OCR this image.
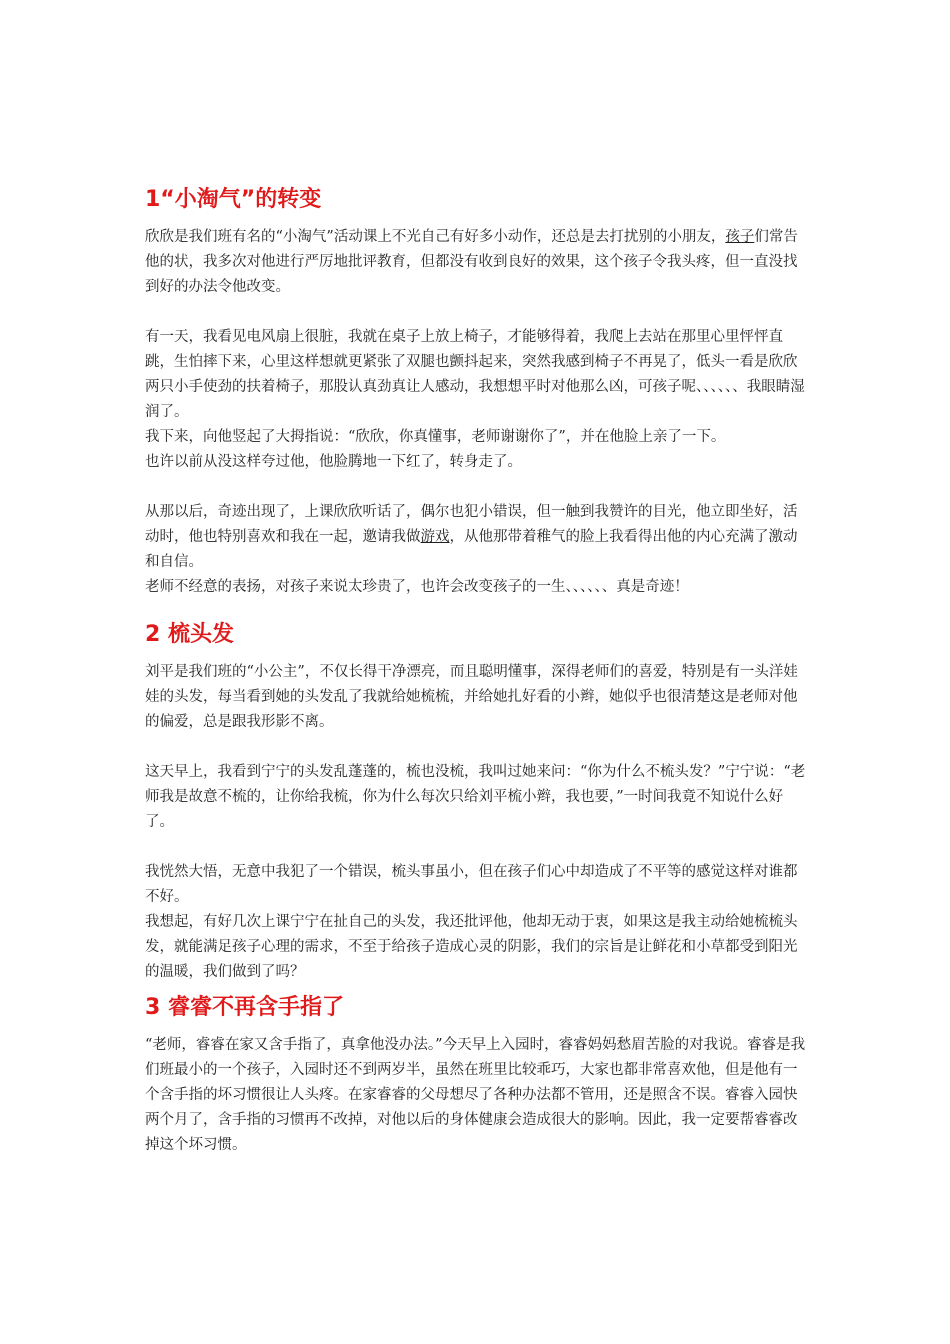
1“小淘气”的转变

欣欣是我们班有名的“小淘气”活动课上不光自己有好多小动作，还总是去打扰别的小朋友，孩子们常告他的状，我多次对他进行严厉地批评教育，但都没有收到良好的效果，这个孩子令我头疼，但一直没找到好的办法令他改变。

有一天，我看见电风扇上很脏，我就在桌子上放上椅子，才能够得着，我爬上去站在那里心里怦怦直跳，生怕摔下来，心里这样想就更紧张了双腿也颤抖起来，突然我感到椅子不再晃了，低头一看是欣欣两只小手使劲的扶着椅子，那股认真劲真让人感动，我想想平时对他那么凶，可孩子呢、、、、、、我眼睛湿润了。

我下来，向他竖起了大拇指说：“欣欣，你真懂事，老师谢谢你了”，并在他脸上亲了一下。

也许以前从没这样夸过他，他脸腾地一下红了，转身走了。

从那以后，奇迹出现了，上课欣欣听话了，偶尔也犯小错误，但一触到我赞许的目光，他立即坐好，活动时，他也特别喜欢和我在一起，邀请我做游戏，从他那带着稚气的脸上我看得出他的内心充满了激动和自信。

老师不经意的表扬，对孩子来说太珍贵了，也许会改变孩子的一生、、、、、、真是奇迹！

2 梳头发

刘平是我们班的“小公主”，不仅长得干净漂亮，而且聪明懂事，深得老师们的喜爱，特别是有一头洋娃娃的头发，每当看到她的头发乱了我就给她梳梳，并给她扎好看的小辫，她似乎也很清楚这是老师对他的偏爱，总是跟我形影不离。

这天早上，我看到宁宁的头发乱蓬蓬的，梳也没梳，我叫过她来问：“你为什么不梳头发？”宁宁说：“老师我是故意不梳的，让你给我梳，你为什么每次只给刘平梳小辫，我也要，”一时间我竟不知说什么好了。

我恍然大悟，无意中我犯了一个错误，梳头事虽小，但在孩子们心中却造成了不平等的感觉这样对谁都不好。

我想起，有好几次上课宁宁在扯自己的头发，我还批评他，他却无动于衷，如果这是我主动给她梳梳头发，就能满足孩子心理的需求，不至于给孩子造成心灵的阴影，我们的宗旨是让鲜花和小草都受到阳光的温暖，我们做到了吗？

3 睿睿不再含手指了

“老师，睿睿在家又含手指了，真拿他没办法。”今天早上入园时，睿睿妈妈愁眉苦脸的对我说。睿睿是我们班最小的一个孩子，入园时还不到两岁半，虽然在班里比较乖巧，大家也都非常喜欢他，但是他有一个含手指的坏习惯很让人头疼。在家睿睿的父母想尽了各种办法都不管用，还是照含不误。睿睿入园快两个月了，含手指的习惯再不改掉，对他以后的身体健康会造成很大的影响。因此，我一定要帮睿睿改掉这个坏习惯。
